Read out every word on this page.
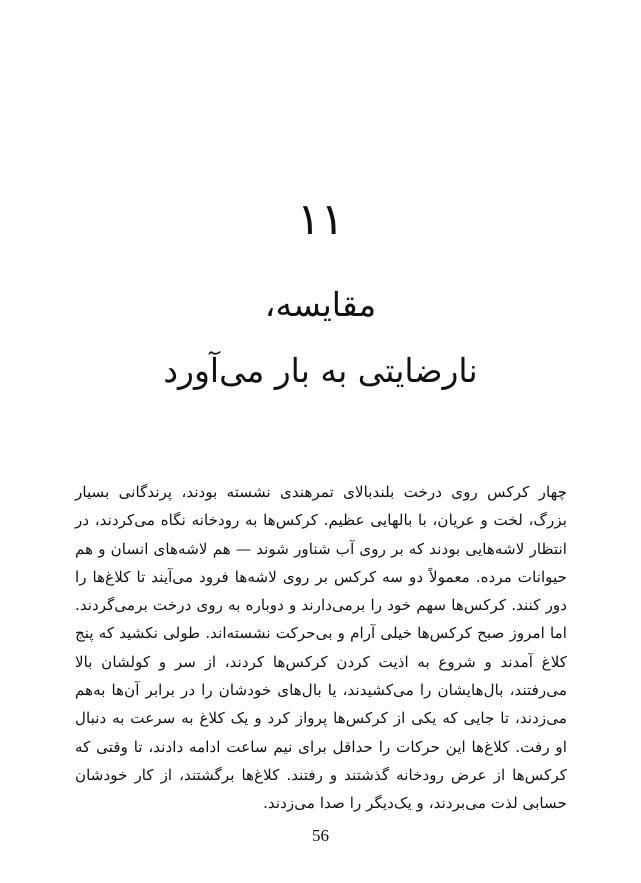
۱۱
مقایسه،
نارضایتی به بار می‌آورد
چهار کرکس روی درخت بلندبالای تمرهندی نشسته بودند، پرندگانی بسیار بزرگ، لخت و عریان، با بالهایی عظیم. کرکس‌ها به رودخانه نگاه می‌کردند، در انتظار لاشه‌هایی بودند که بر روی آب شناور شوند — هم لاشه‌های انسان و هم حیوانات مرده. معمولاً دو سه کرکس بر روی لاشه‌ها فرود می‌آیند تا کلاغ‌ها را دور کنند. کرکس‌ها سهم خود را برمی‌دارند و دوباره به روی درخت برمی‌گردند. اما امروز صبح کرکس‌ها خیلی آرام و بی‌حرکت نشسته‌اند. طولی نکشید که پنج کلاغ آمدند و شروع به اذیت کردن کرکس‌ها کردند، از سر و کولشان بالا می‌رفتند، بال‌هایشان را می‌کشیدند، یا بال‌های خودشان را در برابر آن‌ها به‌هم می‌زدند، تا جایی که یکی از کرکس‌ها پرواز کرد و یک کلاغ به سرعت به دنبال او رفت. کلاغ‌ها این حرکات را حداقل برای نیم ساعت ادامه دادند، تا وقتی که کرکس‌ها از عرض رودخانه گذشتند و رفتند. کلاغ‌ها برگشتند، از کار خودشان حسابی لذت می‌بردند، و یک‌دیگر را صدا می‌زدند.
56
